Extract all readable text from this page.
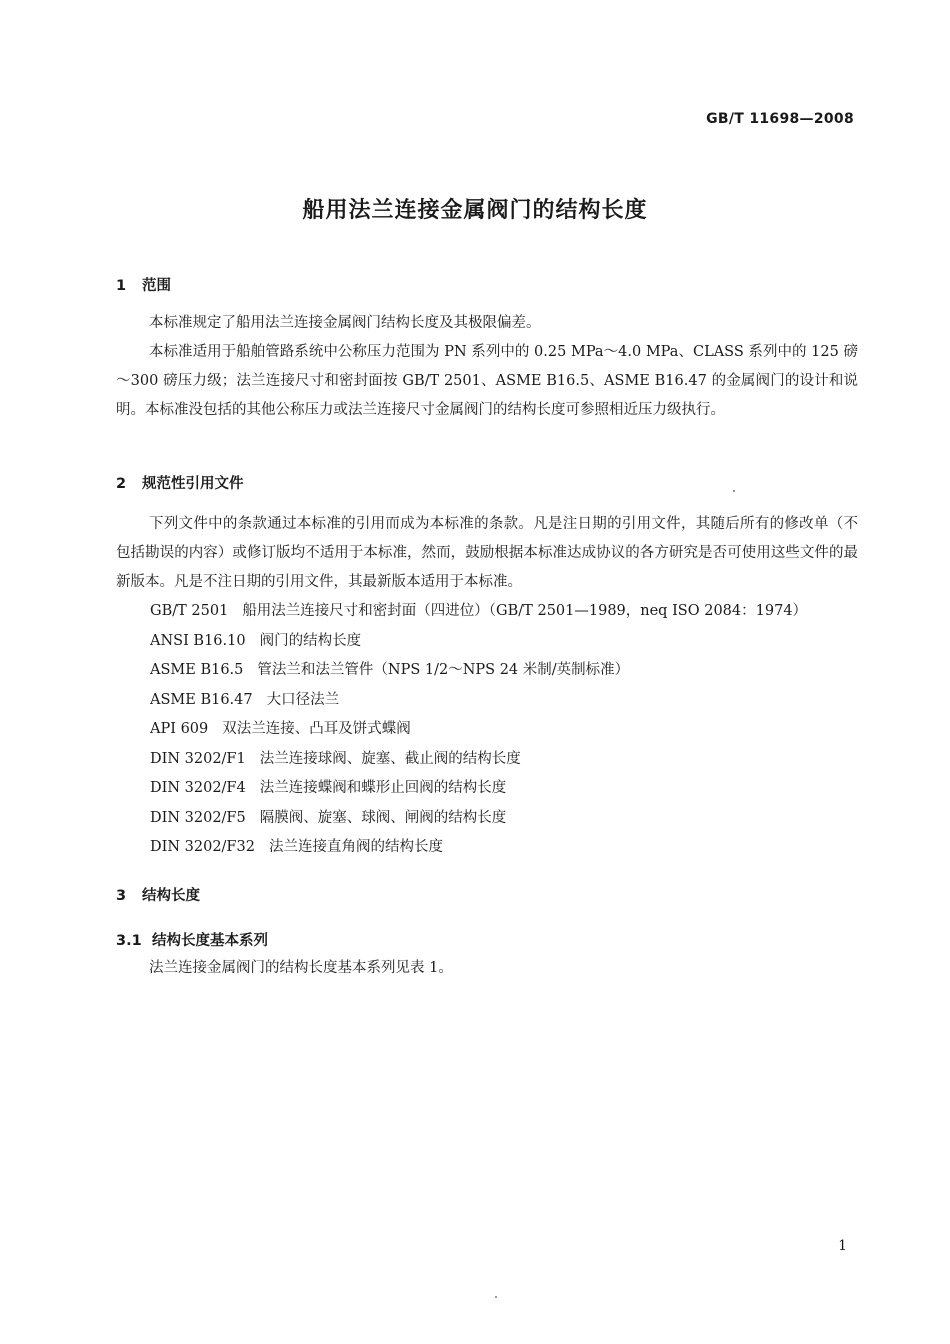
GB/T 11698—2008
船用法兰连接金属阀门的结构长度
1 范围
本标准规定了船用法兰连接金属阀门结构长度及其极限偏差。
本标准适用于船舶管路系统中公称压力范围为 PN 系列中的 0.25 MPa～4.0 MPa、CLASS 系列中的 125 磅～300 磅压力级；法兰连接尺寸和密封面按 GB/T 2501、ASME B16.5、ASME B16.47 的金属阀门的设计和说明。本标准没包括的其他公称压力或法兰连接尺寸金属阀门的结构长度可参照相近压力级执行。
2 规范性引用文件
下列文件中的条款通过本标准的引用而成为本标准的条款。凡是注日期的引用文件，其随后所有的修改单（不包括勘误的内容）或修订版均不适用于本标准，然而，鼓励根据本标准达成协议的各方研究是否可使用这些文件的最新版本。凡是不注日期的引用文件，其最新版本适用于本标准。
GB/T 2501 船用法兰连接尺寸和密封面（四进位）（GB/T 2501—1989，neq ISO 2084：1974）
ANSI B16.10 阀门的结构长度
ASME B16.5 管法兰和法兰管件（NPS 1/2～NPS 24 米制/英制标准）
ASME B16.47 大口径法兰
API 609 双法兰连接、凸耳及饼式蝶阀
DIN 3202/F1 法兰连接球阀、旋塞、截止阀的结构长度
DIN 3202/F4 法兰连接蝶阀和蝶形止回阀的结构长度
DIN 3202/F5 隔膜阀、旋塞、球阀、闸阀的结构长度
DIN 3202/F32 法兰连接直角阀的结构长度
3 结构长度
3.1 结构长度基本系列
法兰连接金属阀门的结构长度基本系列见表 1。
1
